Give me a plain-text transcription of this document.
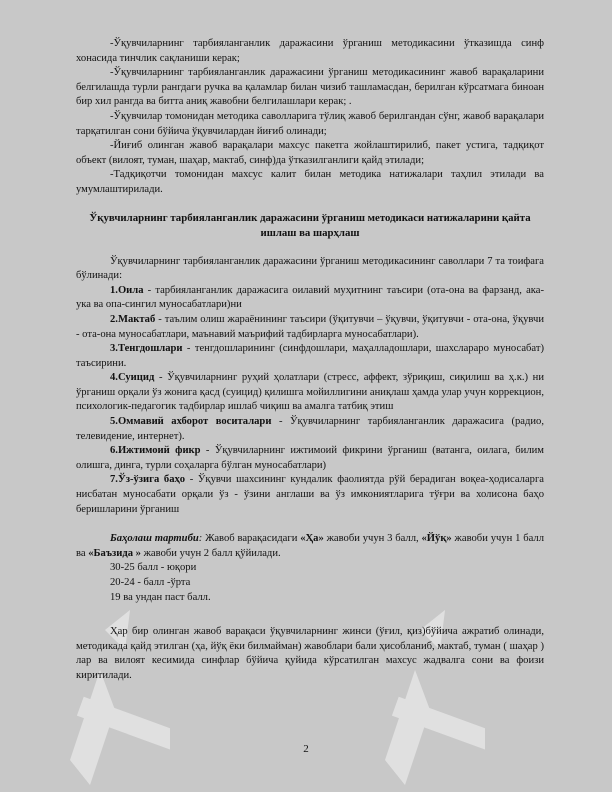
-Ўқувчиларнинг тарбияланганлик даражасини ўрганиш методикасини ўтказишда синф хонасида тинчлик сақланиши керак;

-Ўқувчиларнинг тарбияланганлик даражасини ўрганиш методикасининг жавоб варақаларини белгилашда турли рангдаги ручка ва қаламлар билан чизиб ташламасдан, берилган кўрсатмага биноан бир хил рангда ва битта аниқ жавобни белгилашлари керак; .

-Ўқувчилар томонидан методика саволларига тўлиқ жавоб берилгандан сўнг, жавоб варақалари тарқатилган сони бўйича ўқувчилардан йиғиб олинади;

-Йиғиб олинган жавоб варақалари махсус пакетга жойлаштирилиб, пакет устига, тадқиқот объект (вилоят, туман, шаҳар, мактаб, синф)да ўтказилганлиги қайд этилади;

-Тадқиқотчи томонидан махсус калит билан методика натижалари таҳлил этилади ва умумлаштирилади.

Ўқувчиларнинг тарбияланганлик даражасини ўрганиш методикаси натижаларини қайта ишлаш ва шарҳлаш

Ўқувчиларнинг тарбияланганлик даражасини ўрганиш методикасининг саволлари 7 та тоифага бўлинади:

1.Оила - тарбияланганлик даражасига оилавий муҳитнинг таъсири (ота-она ва фарзанд, ака-ука ва опа-сингил муносабатлари)ни

2.Мактаб - таълим олиш жараёнининг таъсири (ўқитувчи – ўқувчи, ўқитувчи - ота-она, ўқувчи - ота-она муносабатлари, маънавий маърифий тадбирларга муносабатлари).

3.Тенгдошлари - тенгдошларининг (синфдошлари, маҳалладошлари, шахсларaро муносабат) таъсирини.

4.Суицид - Ўқувчиларнинг руҳий ҳолатлари (стресс, аффект, зўриқиш, сиқилиш ва ҳ.к.) ни ўрганиш орқали ўз жонига қасд (суицид) қилишга мойиллигини аниқлаш ҳамда улар учун коррекцион, психологик-педагогик тадбирлар ишлаб чиқиш ва амалга татбиқ этиш

5.Оммавий ахборот воситалари - Ўқувчиларнинг тарбияланганлик даражасига (радио, телевидение, интернет).

6.Ижтимоий фикр - Ўқувчиларнинг ижтимоий фикрини ўрганиш (ватанга, оилага, билим олишга, динга, турли соҳаларга бўлган муносабатлари)

7.Ўз-ўзига баҳо - Ўқувчи шахсининг кундалик фаолиятда рўй берадиган воқеа-ҳодисаларга нисбатан муносабати орқали ўз - ўзини англаши ва ўз имкониятларига тўғри ва холисона баҳо беришларини ўрганиш

Баҳолаш тартиби: Жавоб варақасидаги «Ҳа» жавоби учун 3 балл, «Йўқ» жавоби учун 1 балл ва «Баъзида » жавоби учун 2 балл қўйилади.

30-25 балл - юқори

20-24 - балл -ўрта

19 ва ундан паст балл.

Ҳар бир олинган жавоб варақаси ўқувчиларнинг жинси (ўғил, қиз)бўйича ажратиб олинади, методикада қайд этилган (ҳа, йўқ ёки билмайман) жавоблари бали ҳисобланиб, мактаб, туман ( шаҳар ) лар ва вилоят кесимида синфлар бўйича қуйида кўрсатилган махсус жадвалга сони ва фоизи киритилади.

2
